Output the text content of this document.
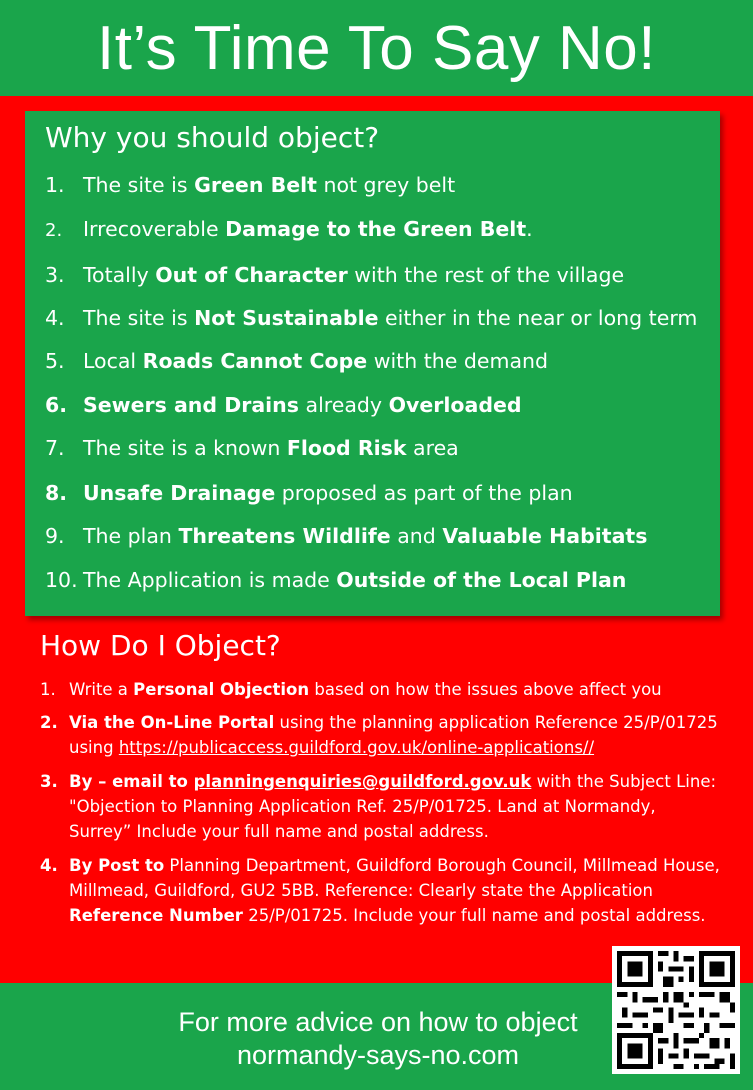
It’s Time To Say No!
Why you should object?
1. The site is Green Belt not grey belt
2. Irrecoverable Damage to the Green Belt.
3. Totally Out of Character with the rest of the village
4. The site is Not Sustainable either in the near or long term
5. Local Roads Cannot Cope with the demand
6. Sewers and Drains already Overloaded
7. The site is a known Flood Risk area
8. Unsafe Drainage proposed as part of the plan
9. The plan Threatens Wildlife and Valuable Habitats
10. The Application is made Outside of the Local Plan
How Do I Object?
1. Write a Personal Objection based on how the issues above affect you
2. Via the On-Line Portal using the planning application Reference 25/P/01725 using https://publicaccess.guildford.gov.uk/online-applications//
3. By – email to planningenquiries@guildford.gov.uk with the Subject Line: "Objection to Planning Application Ref. 25/P/01725. Land at Normandy, Surrey” Include your full name and postal address.
4. By Post to Planning Department, Guildford Borough Council, Millmead House, Millmead, Guildford, GU2 5BB. Reference: Clearly state the Application Reference Number 25/P/01725. Include your full name and postal address.
For more advice on how to object
normandy-says-no.com
